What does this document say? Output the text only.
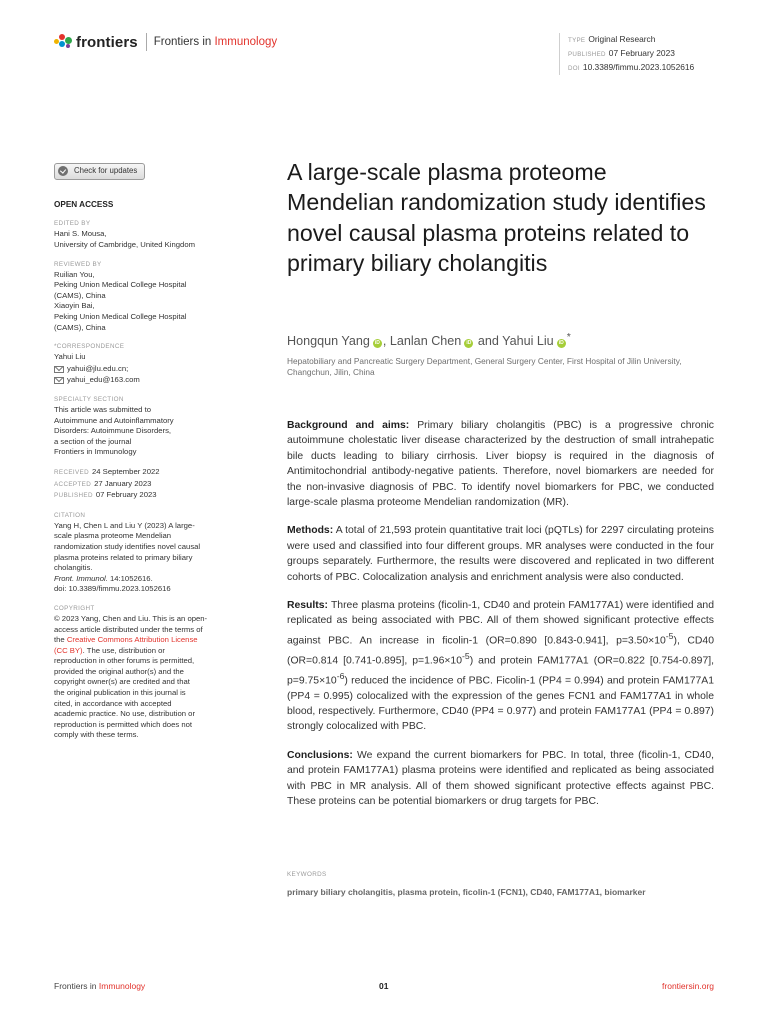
frontiers Frontiers in Immunology	TYPE Original Research
PUBLISHED 07 February 2023
DOI 10.3389/fimmu.2023.1052616
Check for updates
OPEN ACCESS
EDITED BY
Hani S. Mousa,
University of Cambridge, United Kingdom
REVIEWED BY
Ruilian You,
Peking Union Medical College Hospital
(CAMS), China
Xiaoyin Bai,
Peking Union Medical College Hospital
(CAMS), China
*CORRESPONDENCE
Yahui Liu
yahui@jlu.edu.cn;
yahui_edu@163.com
SPECIALTY SECTION
This article was submitted to
Autoimmune and Autoinflammatory
Disorders: Autoimmune Disorders,
a section of the journal
Frontiers in Immunology
RECEIVED 24 September 2022
ACCEPTED 27 January 2023
PUBLISHED 07 February 2023
CITATION
Yang H, Chen L and Liu Y (2023) A large-
scale plasma proteome Mendelian
randomization study identifies novel causal
plasma proteins related to primary biliary
cholangitis.
Front. Immunol. 14:1052616.
doi: 10.3389/fimmu.2023.1052616
COPYRIGHT
© 2023 Yang, Chen and Liu. This is an open-
access article distributed under the terms of
the Creative Commons Attribution License
(CC BY). The use, distribution or
reproduction in other forums is permitted,
provided the original author(s) and the
copyright owner(s) are credited and that
the original publication in this journal is
cited, in accordance with accepted
academic practice. No use, distribution or
reproduction is permitted which does not
comply with these terms.
A large-scale plasma proteome Mendelian randomization study identifies novel causal plasma proteins related to primary biliary cholangitis
Hongqun Yang iD , Lanlan Chen iD and Yahui Liu iD*
Hepatobiliary and Pancreatic Surgery Department, General Surgery Center, First Hospital of Jilin University, Changchun, Jilin, China

Background and aims: Primary biliary cholangitis (PBC) is a progressive chronic autoimmune cholestatic liver disease characterized by the destruction of small intrahepatic bile ducts leading to biliary cirrhosis. Liver biopsy is required in the diagnosis of Antimitochondrial antibody-negative patients. Therefore, novel biomarkers are needed for the non-invasive diagnosis of PBC. To identify novel biomarkers for PBC, we conducted large-scale plasma proteome Mendelian randomization (MR).

Methods: A total of 21,593 protein quantitative trait loci (pQTLs) for 2297 circulating proteins were used and classified into four different groups. MR analyses were conducted in the four groups separately. Furthermore, the results were discovered and replicated in two different cohorts of PBC. Colocalization analysis and enrichment analysis were also conducted.

Results: Three plasma proteins (ficolin-1, CD40 and protein FAM177A1) were identified and replicated as being associated with PBC. All of them showed significant protective effects against PBC. An increase in ficolin-1 (OR=0.890 [0.843-0.941], $p=3.50\times 10^{-5}$), CD40 (OR=0.814 [0.741-0.895], $p=1.96\times 10^{-5}$) and protein FAM177A1 (OR=0.822 [0.754-0.897], $p=9.75\times 10^{-6}$) reduced the incidence of PBC. Ficolin-1 (PP4 = 0.994) and protein FAM177A1 (PP4 = 0.995) colocalized with the expression of the genes FCN1 and FAM177A1 in whole blood, respectively. Furthermore, CD40 (PP4 = 0.977) and protein FAM177A1 (PP4 = 0.897) strongly colocalized with PBC.

Conclusions: We expand the current biomarkers for PBC. In total, three (ficolin-1, CD40, and protein FAM177A1) plasma proteins were identified and replicated as being associated with PBC in MR analysis. All of them showed significant protective effects against PBC. These proteins can be potential biomarkers or drug targets for PBC.

KEYWORDS
primary biliary cholangitis, plasma protein, ficolin-1 (FCN1), CD40, FAM177A1, biomarker
Frontiers in Immunology	01	frontiersin.org
